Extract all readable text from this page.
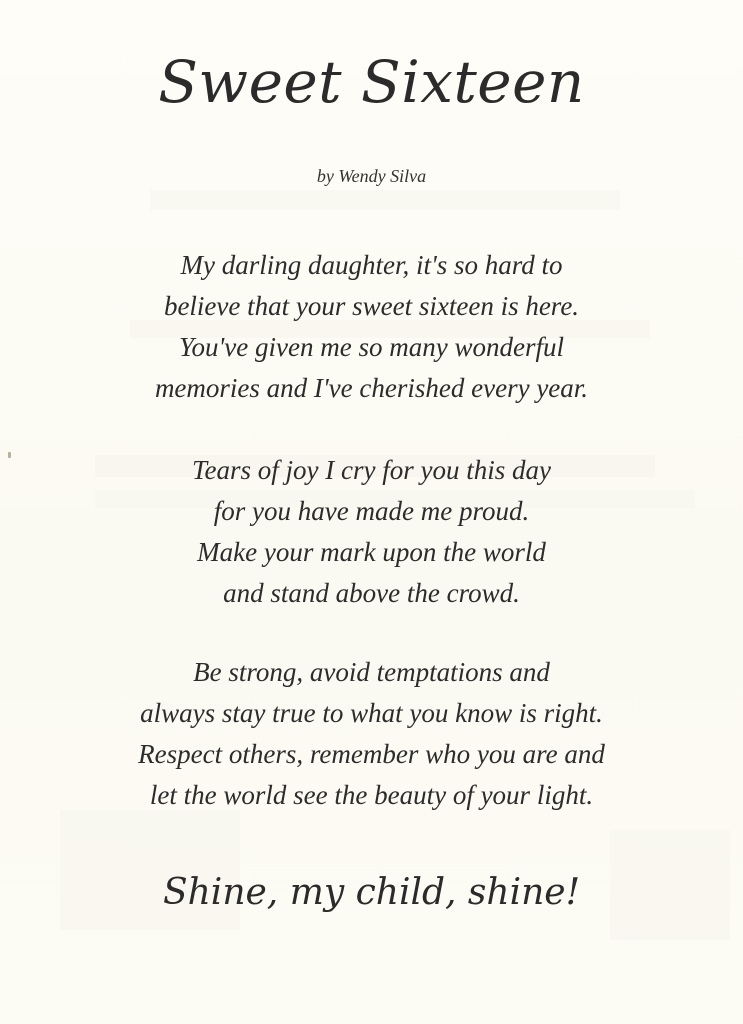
Sweet Sixteen
by Wendy Silva
My darling daughter, it's so hard to
believe that your sweet sixteen is here.
You've given me so many wonderful
memories and I've cherished every year.
Tears of joy I cry for you this day
for you have made me proud.
Make your mark upon the world
and stand above the crowd.
Be strong, avoid temptations and
always stay true to what you know is right.
Respect others, remember who you are and
let the world see the beauty of your light.
Shine, my child, shine!
